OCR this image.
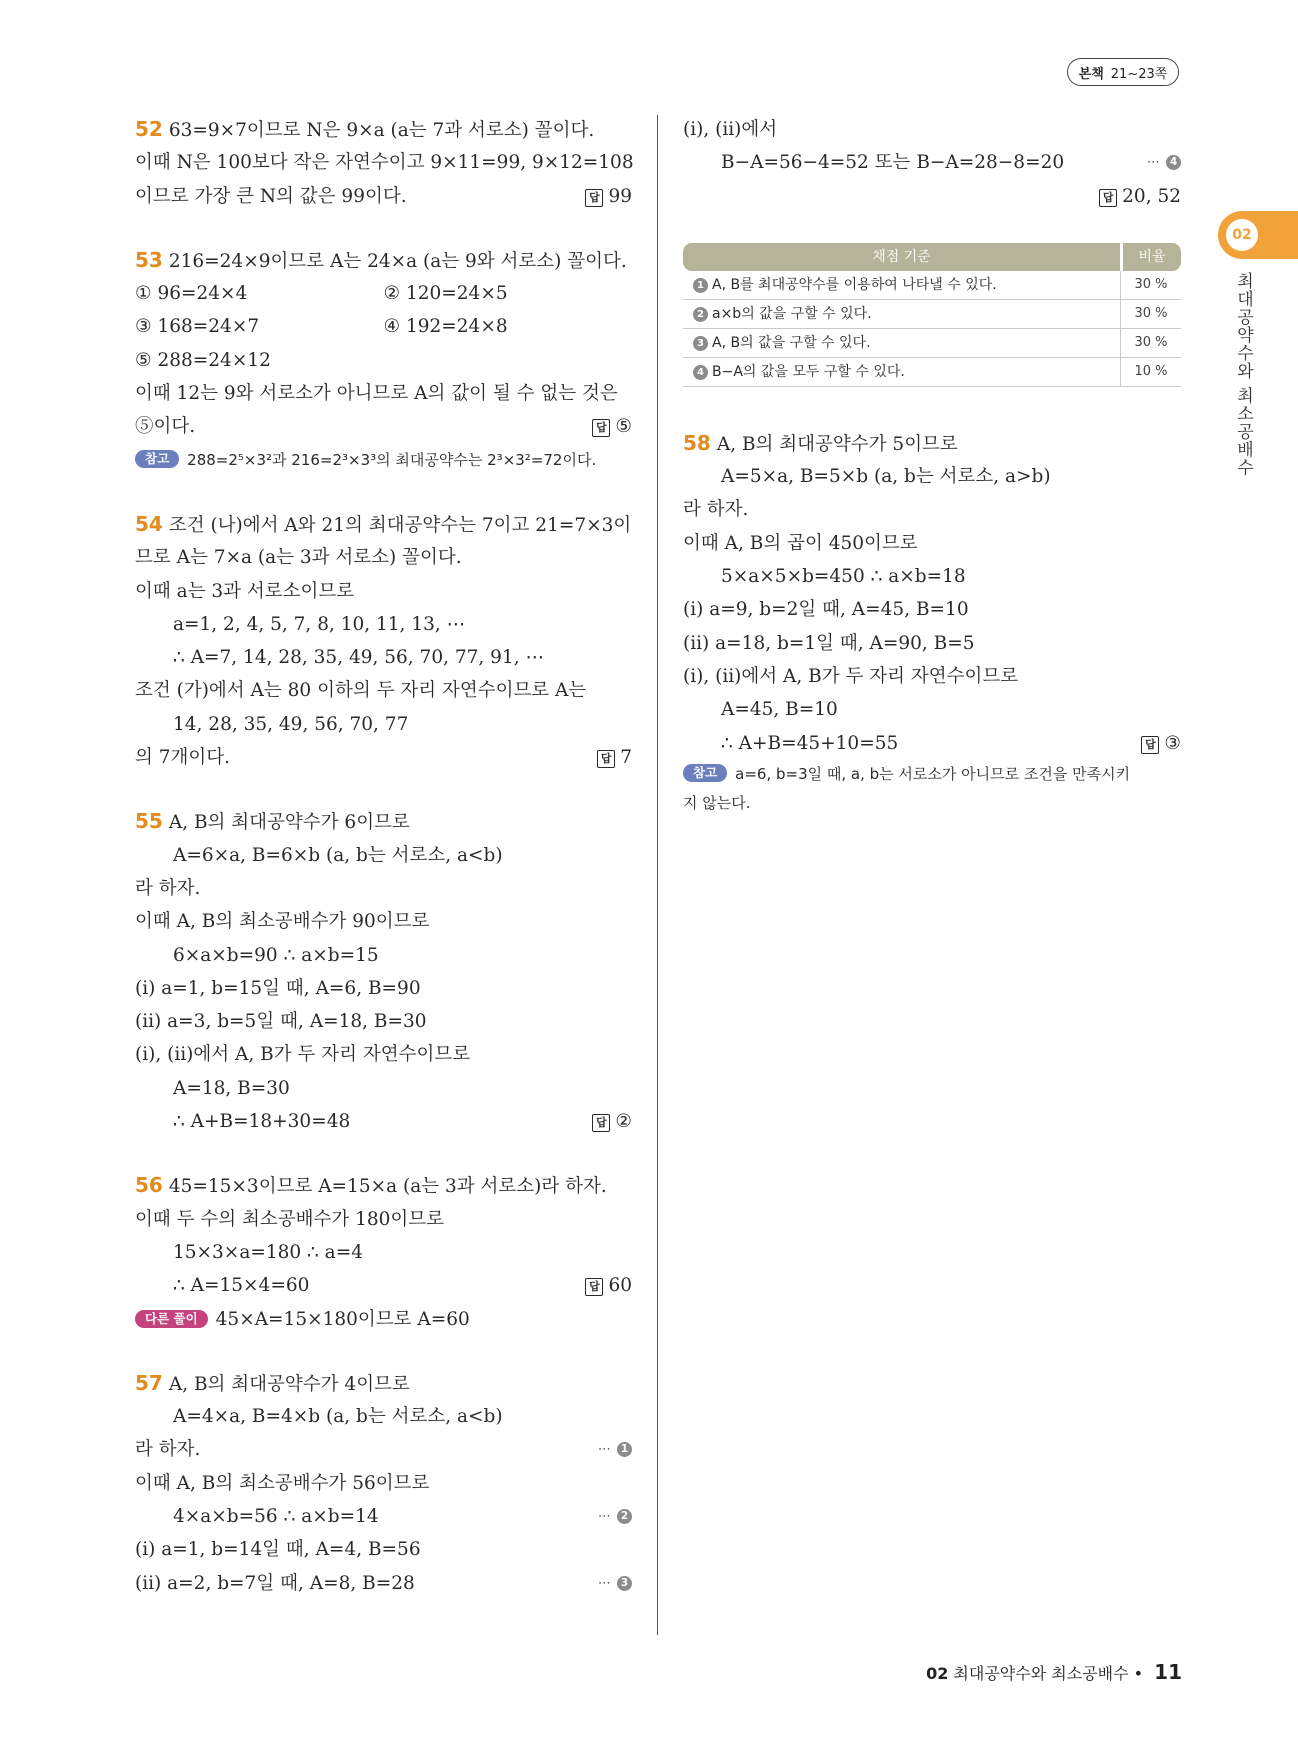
본책 21~23쪽
52 63=9×7이므로 N은 9×a (a는 7과 서로소) 꼴이다.
이때 N은 100보다 작은 자연수이고 9×11=99, 9×12=108
이므로 가장 큰 N의 값은 99이다.	답 99
53 216=24×9이므로 A는 24×a (a는 9와 서로소) 꼴이다.
① 96=24×4	② 120=24×5
③ 168=24×7	④ 192=24×8
⑤ 288=24×12
이때 12는 9와 서로소가 아니므로 A의 값이 될 수 없는 것은
⑤이다.	답 ⑤
참고 288=2⁵×3²과 216=2³×3³의 최대공약수는 2³×3²=72이다.
54 조건 (나)에서 A와 21의 최대공약수는 7이고 21=7×3이
므로 A는 7×a (a는 3과 서로소) 꼴이다.
이때 a는 3과 서로소이므로
a=1, 2, 4, 5, 7, 8, 10, 11, 13, ⋯
∴ A=7, 14, 28, 35, 49, 56, 70, 77, 91, ⋯
조건 (가)에서 A는 80 이하의 두 자리 자연수이므로 A는
14, 28, 35, 49, 56, 70, 77
의 7개이다.	답 7
55 A, B의 최대공약수가 6이므로
A=6×a, B=6×b (a, b는 서로소, a<b)
라 하자.
이때 A, B의 최소공배수가 90이므로
6×a×b=90 ∴ a×b=15
(ⅰ) a=1, b=15일 때, A=6, B=90
(ⅱ) a=3, b=5일 때, A=18, B=30
(ⅰ), (ⅱ)에서 A, B가 두 자리 자연수이므로
A=18, B=30
∴ A+B=18+30=48	답 ②
56 45=15×3이므로 A=15×a (a는 3과 서로소)라 하자.
이때 두 수의 최소공배수가 180이므로
15×3×a=180 ∴ a=4
∴ A=15×4=60	답 60
다른 풀이 45×A=15×180이므로 A=60
57 A, B의 최대공약수가 4이므로
A=4×a, B=4×b (a, b는 서로소, a<b)
라 하자.	⋯ 1
이때 A, B의 최소공배수가 56이므로
4×a×b=56 ∴ a×b=14	⋯ 2
(ⅰ) a=1, b=14일 때, A=4, B=56
(ⅱ) a=2, b=7일 때, A=8, B=28	⋯ 3
(ⅰ), (ⅱ)에서
B−A=56−4=52 또는 B−A=28−8=20	⋯ 4
답 20, 52
채점 기준	비율
1 A, B를 최대공약수를 이용하여 나타낼 수 있다.	30 %
2 a×b의 값을 구할 수 있다.	30 %
3 A, B의 값을 구할 수 있다.	30 %
4 B−A의 값을 모두 구할 수 있다.	10 %
58 A, B의 최대공약수가 5이므로
A=5×a, B=5×b (a, b는 서로소, a>b)
라 하자.
이때 A, B의 곱이 450이므로
5×a×5×b=450 ∴ a×b=18
(ⅰ) a=9, b=2일 때, A=45, B=10
(ⅱ) a=18, b=1일 때, A=90, B=5
(ⅰ), (ⅱ)에서 A, B가 두 자리 자연수이므로
A=45, B=10
∴ A+B=45+10=55	답 ③
참고 a=6, b=3일 때, a, b는 서로소가 아니므로 조건을 만족시키
지 않는다.
02
최대공약수와 최소공배수
02 최대공약수와 최소공배수 • 11
